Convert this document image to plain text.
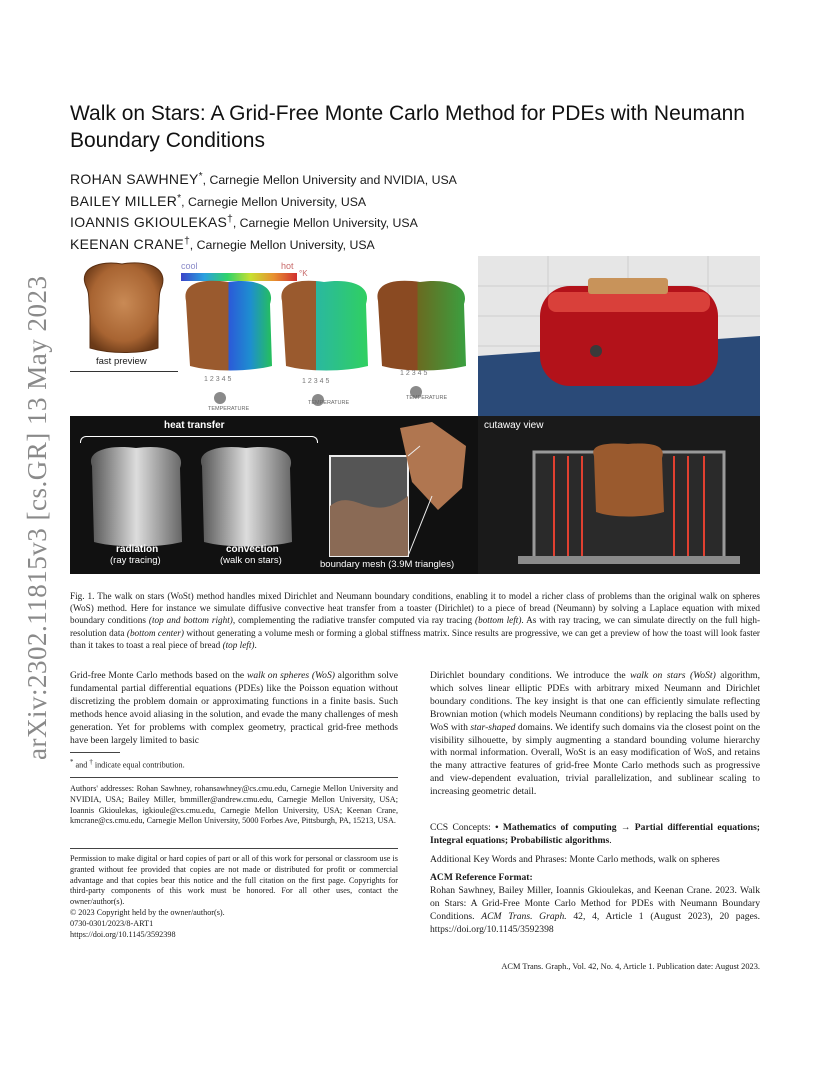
arXiv:2302.11815v3 [cs.GR] 13 May 2023
Walk on Stars: A Grid-Free Monte Carlo Method for PDEs with Neumann Boundary Conditions
ROHAN SAWHNEY*, Carnegie Mellon University and NVIDIA, USA
BAILEY MILLER*, Carnegie Mellon University, USA
IOANNIS GKIOULEKAS†, Carnegie Mellon University, USA
KEENAN CRANE†, Carnegie Mellon University, USA
fast preview
cool	hot
°K
1 2 3 4 5	1 2 3 4 5
1 2 3 4 5
TEMPERATURE
TEMPERATURE
TEMPERATURE
heat transfer
radiation
(ray tracing)
convection
(walk on stars)	boundary mesh (3.9M triangles)
cutaway view
Fig. 1. The walk on stars (WoSt) method handles mixed Dirichlet and Neumann boundary conditions, enabling it to model a richer class of problems than the original walk on spheres (WoS) method. Here for instance we simulate diffusive convective heat transfer from a toaster (Dirichlet) to a piece of bread (Neumann) by solving a Laplace equation with mixed boundary conditions (top and bottom right), complementing the radiative transfer computed via ray tracing (bottom left). As with ray tracing, we can simulate directly on the full high-resolution data (bottom center) without generating a volume mesh or forming a global stiffness matrix. Since results are progressive, we can get a preview of how the toast will look faster than it takes to toast a real piece of bread (top left).

Grid-free Monte Carlo methods based on the walk on spheres (WoS) algorithm solve fundamental partial differential equations (PDEs) like the Poisson equation without discretizing the problem domain or approximating functions in a finite basis. Such methods hence avoid aliasing in the solution, and evade the many challenges of mesh generation. Yet for problems with complex geometry, practical grid-free methods have been largely limited to basic

* and † indicate equal contribution.
Authors' addresses: Rohan Sawhney, rohansawhney@cs.cmu.edu, Carnegie Mellon University and NVIDIA, USA; Bailey Miller, bmmiller@andrew.cmu.edu, Carnegie Mellon University, USA; Ioannis Gkioulekas, igkioule@cs.cmu.edu, Carnegie Mellon University, USA; Keenan Crane, kmcrane@cs.cmu.edu, Carnegie Mellon University, 5000 Forbes Ave, Pittsburgh, PA, 15213, USA.

Permission to make digital or hard copies of part or all of this work for personal or classroom use is granted without fee provided that copies are not made or distributed for profit or commercial advantage and that copies bear this notice and the full citation on the first page. Copyrights for third-party components of this work must be honored. For all other uses, contact the owner/author(s).

© 2023 Copyright held by the owner/author(s).

0730-0301/2023/8-ART1

https://doi.org/10.1145/3592398

Dirichlet boundary conditions. We introduce the walk on stars (WoSt) algorithm, which solves linear elliptic PDEs with arbitrary mixed Neumann and Dirichlet boundary conditions. The key insight is that one can efficiently simulate reflecting Brownian motion (which models Neumann conditions) by replacing the balls used by WoS with star-shaped domains. We identify such domains via the closest point on the visibility silhouette, by simply augmenting a standard bounding volume hierarchy with normal information. Overall, WoSt is an easy modification of WoS, and retains the many attractive features of grid-free Monte Carlo methods such as progressive and view-dependent evaluation, trivial parallelization, and sublinear scaling to increasing geometric detail.

CCS Concepts: • Mathematics of computing → Partial differential equations; Integral equations; Probabilistic algorithms.
Additional Key Words and Phrases: Monte Carlo methods, walk on spheres
ACM Reference Format:
Rohan Sawhney, Bailey Miller, Ioannis Gkioulekas, and Keenan Crane. 2023. Walk on Stars: A Grid-Free Monte Carlo Method for PDEs with Neumann Boundary Conditions. ACM Trans. Graph. 42, 4, Article 1 (August 2023), 20 pages. https://doi.org/10.1145/3592398
ACM Trans. Graph., Vol. 42, No. 4, Article 1. Publication date: August 2023.
